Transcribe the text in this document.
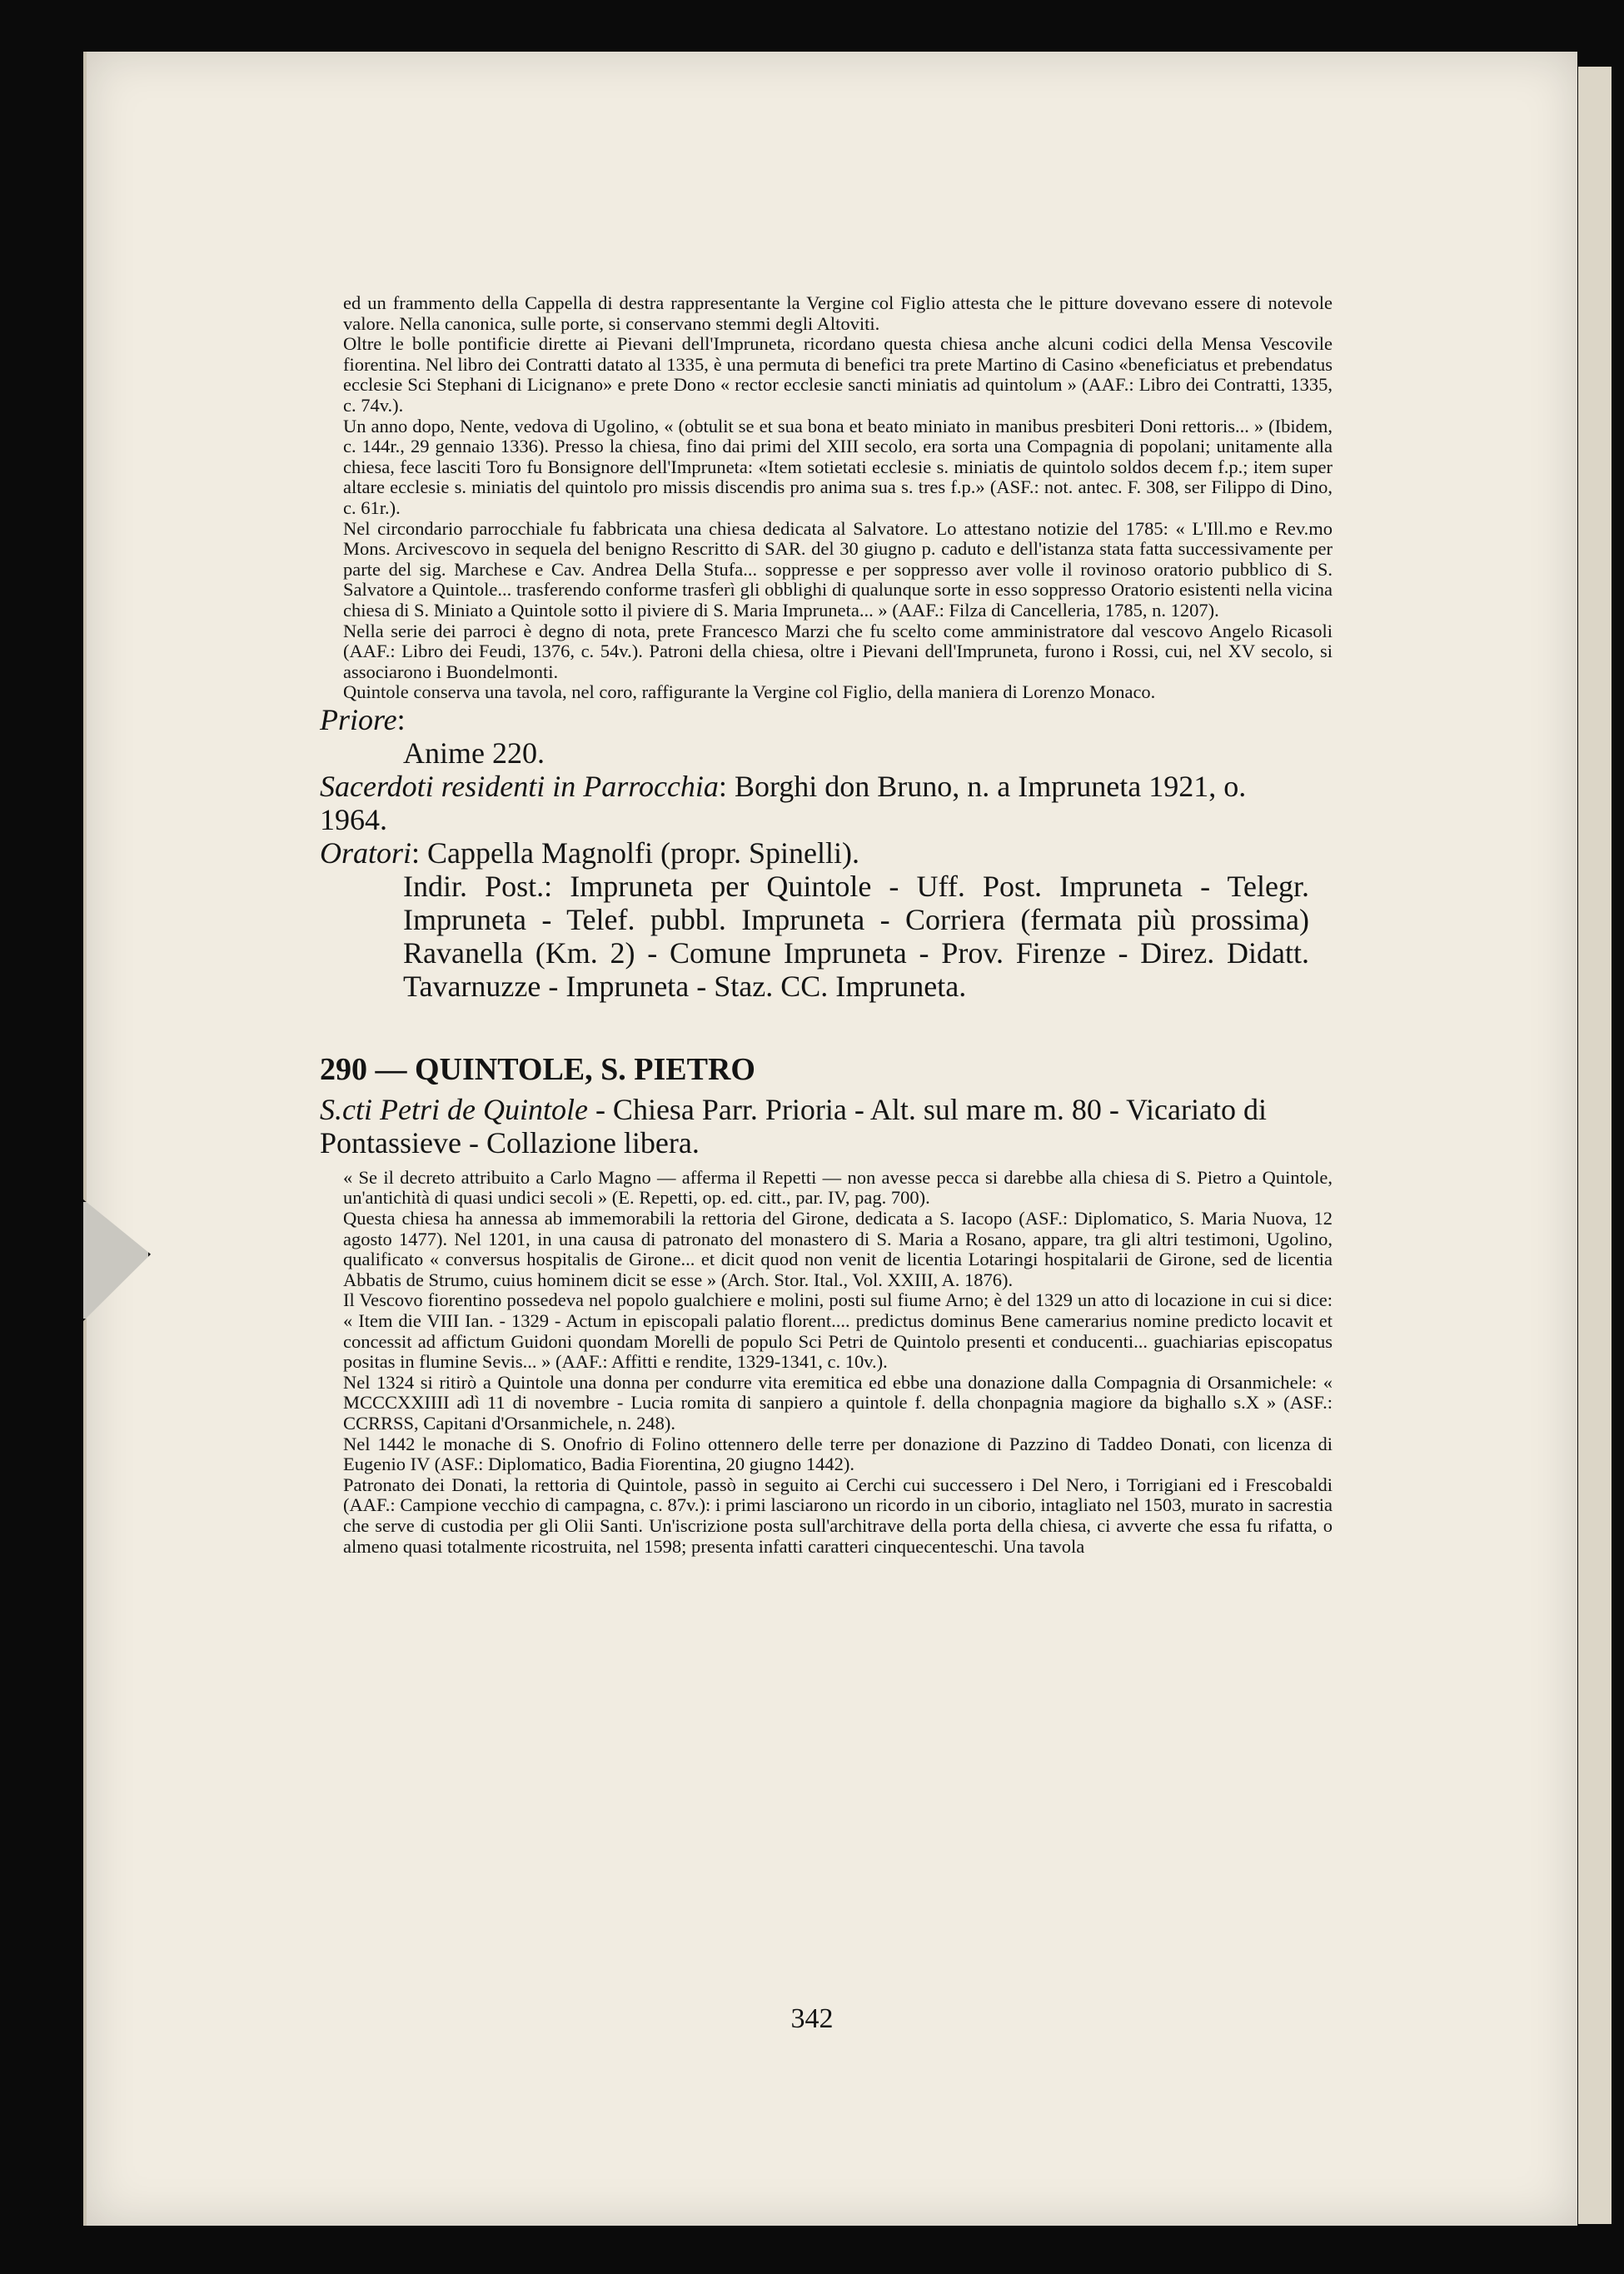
ed un frammento della Cappella di destra rappresentante la Vergine col Figlio attesta che le pitture dovevano essere di notevole valore. Nella canonica, sulle porte, si conservano stemmi degli Altoviti.

Oltre le bolle pontificie dirette ai Pievani dell'Impruneta, ricordano questa chiesa anche alcuni codici della Mensa Vescovile fiorentina. Nel libro dei Contratti datato al 1335, è una permuta di benefici tra prete Martino di Casino «beneficiatus et prebendatus ecclesie Sci Stephani di Licignano» e prete Dono « rector ecclesie sancti miniatis ad quintolum » (AAF.: Libro dei Contratti, 1335, c. 74v.).

Un anno dopo, Nente, vedova di Ugolino, « (obtulit se et sua bona et beato miniato in manibus presbiteri Doni rettoris... » (Ibidem, c. 144r., 29 gennaio 1336). Presso la chiesa, fino dai primi del XIII secolo, era sorta una Compagnia di popolani; unitamente alla chiesa, fece lasciti Toro fu Bonsignore dell'Impruneta: «Item sotietati ecclesie s. miniatis de quintolo soldos decem f.p.; item super altare ecclesie s. miniatis del quintolo pro missis discendis pro anima sua s. tres f.p.» (ASF.: not. antec. F. 308, ser Filippo di Dino, c. 61r.).

Nel circondario parrocchiale fu fabbricata una chiesa dedicata al Salvatore. Lo attestano notizie del 1785: « L'Ill.mo e Rev.mo Mons. Arcivescovo in sequela del benigno Rescritto di SAR. del 30 giugno p. caduto e dell'istanza stata fatta successivamente per parte del sig. Marchese e Cav. Andrea Della Stufa... soppresse e per soppresso aver volle il rovinoso oratorio pubblico di S. Salvatore a Quintole... trasferendo conforme trasferì gli obblighi di qualunque sorte in esso soppresso Oratorio esistenti nella vicina chiesa di S. Miniato a Quintole sotto il piviere di S. Maria Impruneta... » (AAF.: Filza di Cancelleria, 1785, n. 1207).

Nella serie dei parroci è degno di nota, prete Francesco Marzi che fu scelto come amministratore dal vescovo Angelo Ricasoli (AAF.: Libro dei Feudi, 1376, c. 54v.). Patroni della chiesa, oltre i Pievani dell'Impruneta, furono i Rossi, cui, nel XV secolo, si associarono i Buondelmonti.

Quintole conserva una tavola, nel coro, raffigurante la Vergine col Figlio, della maniera di Lorenzo Monaco.

Priore:

Anime 220.

Sacerdoti residenti in Parrocchia: Borghi don Bruno, n. a Impruneta 1921, o. 1964.

Oratori: Cappella Magnolfi (propr. Spinelli).

Indir. Post.: Impruneta per Quintole - Uff. Post. Impruneta - Telegr. Impruneta - Telef. pubbl. Impruneta - Corriera (fermata più prossima) Ravanella (Km. 2) - Comune Impruneta - Prov. Firenze - Direz. Didatt. Tavarnuzze - Impruneta - Staz. CC. Impruneta.

290 — QUINTOLE, S. PIETRO

S.cti Petri de Quintole - Chiesa Parr. Prioria - Alt. sul mare m. 80 - Vicariato di Pontassieve - Collazione libera.

« Se il decreto attribuito a Carlo Magno — afferma il Repetti — non avesse pecca si darebbe alla chiesa di S. Pietro a Quintole, un'antichità di quasi undici secoli » (E. Repetti, op. ed. citt., par. IV, pag. 700).

Questa chiesa ha annessa ab immemorabili la rettoria del Girone, dedicata a S. Iacopo (ASF.: Diplomatico, S. Maria Nuova, 12 agosto 1477). Nel 1201, in una causa di patronato del monastero di S. Maria a Rosano, appare, tra gli altri testimoni, Ugolino, qualificato « conversus hospitalis de Girone... et dicit quod non venit de licentia Lotaringi hospitalarii de Girone, sed de licentia Abbatis de Strumo, cuius hominem dicit se esse » (Arch. Stor. Ital., Vol. XXIII, A. 1876).

Il Vescovo fiorentino possedeva nel popolo gualchiere e molini, posti sul fiume Arno; è del 1329 un atto di locazione in cui si dice: « Item die VIII Ian. - 1329 - Actum in episcopali palatio florent.... predictus dominus Bene camerarius nomine predicto locavit et concessit ad affictum Guidoni quondam Morelli de populo Sci Petri de Quintolo presenti et conducenti... guachiarias episcopatus positas in flumine Sevis... » (AAF.: Affitti e rendite, 1329-1341, c. 10v.).

Nel 1324 si ritirò a Quintole una donna per condurre vita eremitica ed ebbe una donazione dalla Compagnia di Orsanmichele: « MCCCXXIIII adì 11 di novembre - Lucia romita di sanpiero a quintole f. della chonpagnia magiore da bighallo s.X » (ASF.: CCRRSS, Capitani d'Orsanmichele, n. 248).

Nel 1442 le monache di S. Onofrio di Folino ottennero delle terre per donazione di Pazzino di Taddeo Donati, con licenza di Eugenio IV (ASF.: Diplomatico, Badia Fiorentina, 20 giugno 1442).

Patronato dei Donati, la rettoria di Quintole, passò in seguito ai Cerchi cui successero i Del Nero, i Torrigiani ed i Frescobaldi (AAF.: Campione vecchio di campagna, c. 87v.): i primi lasciarono un ricordo in un ciborio, intagliato nel 1503, murato in sacrestia che serve di custodia per gli Olii Santi. Un'iscrizione posta sull'architrave della porta della chiesa, ci avverte che essa fu rifatta, o almeno quasi totalmente ricostruita, nel 1598; presenta infatti caratteri cinquecenteschi. Una tavola

342
